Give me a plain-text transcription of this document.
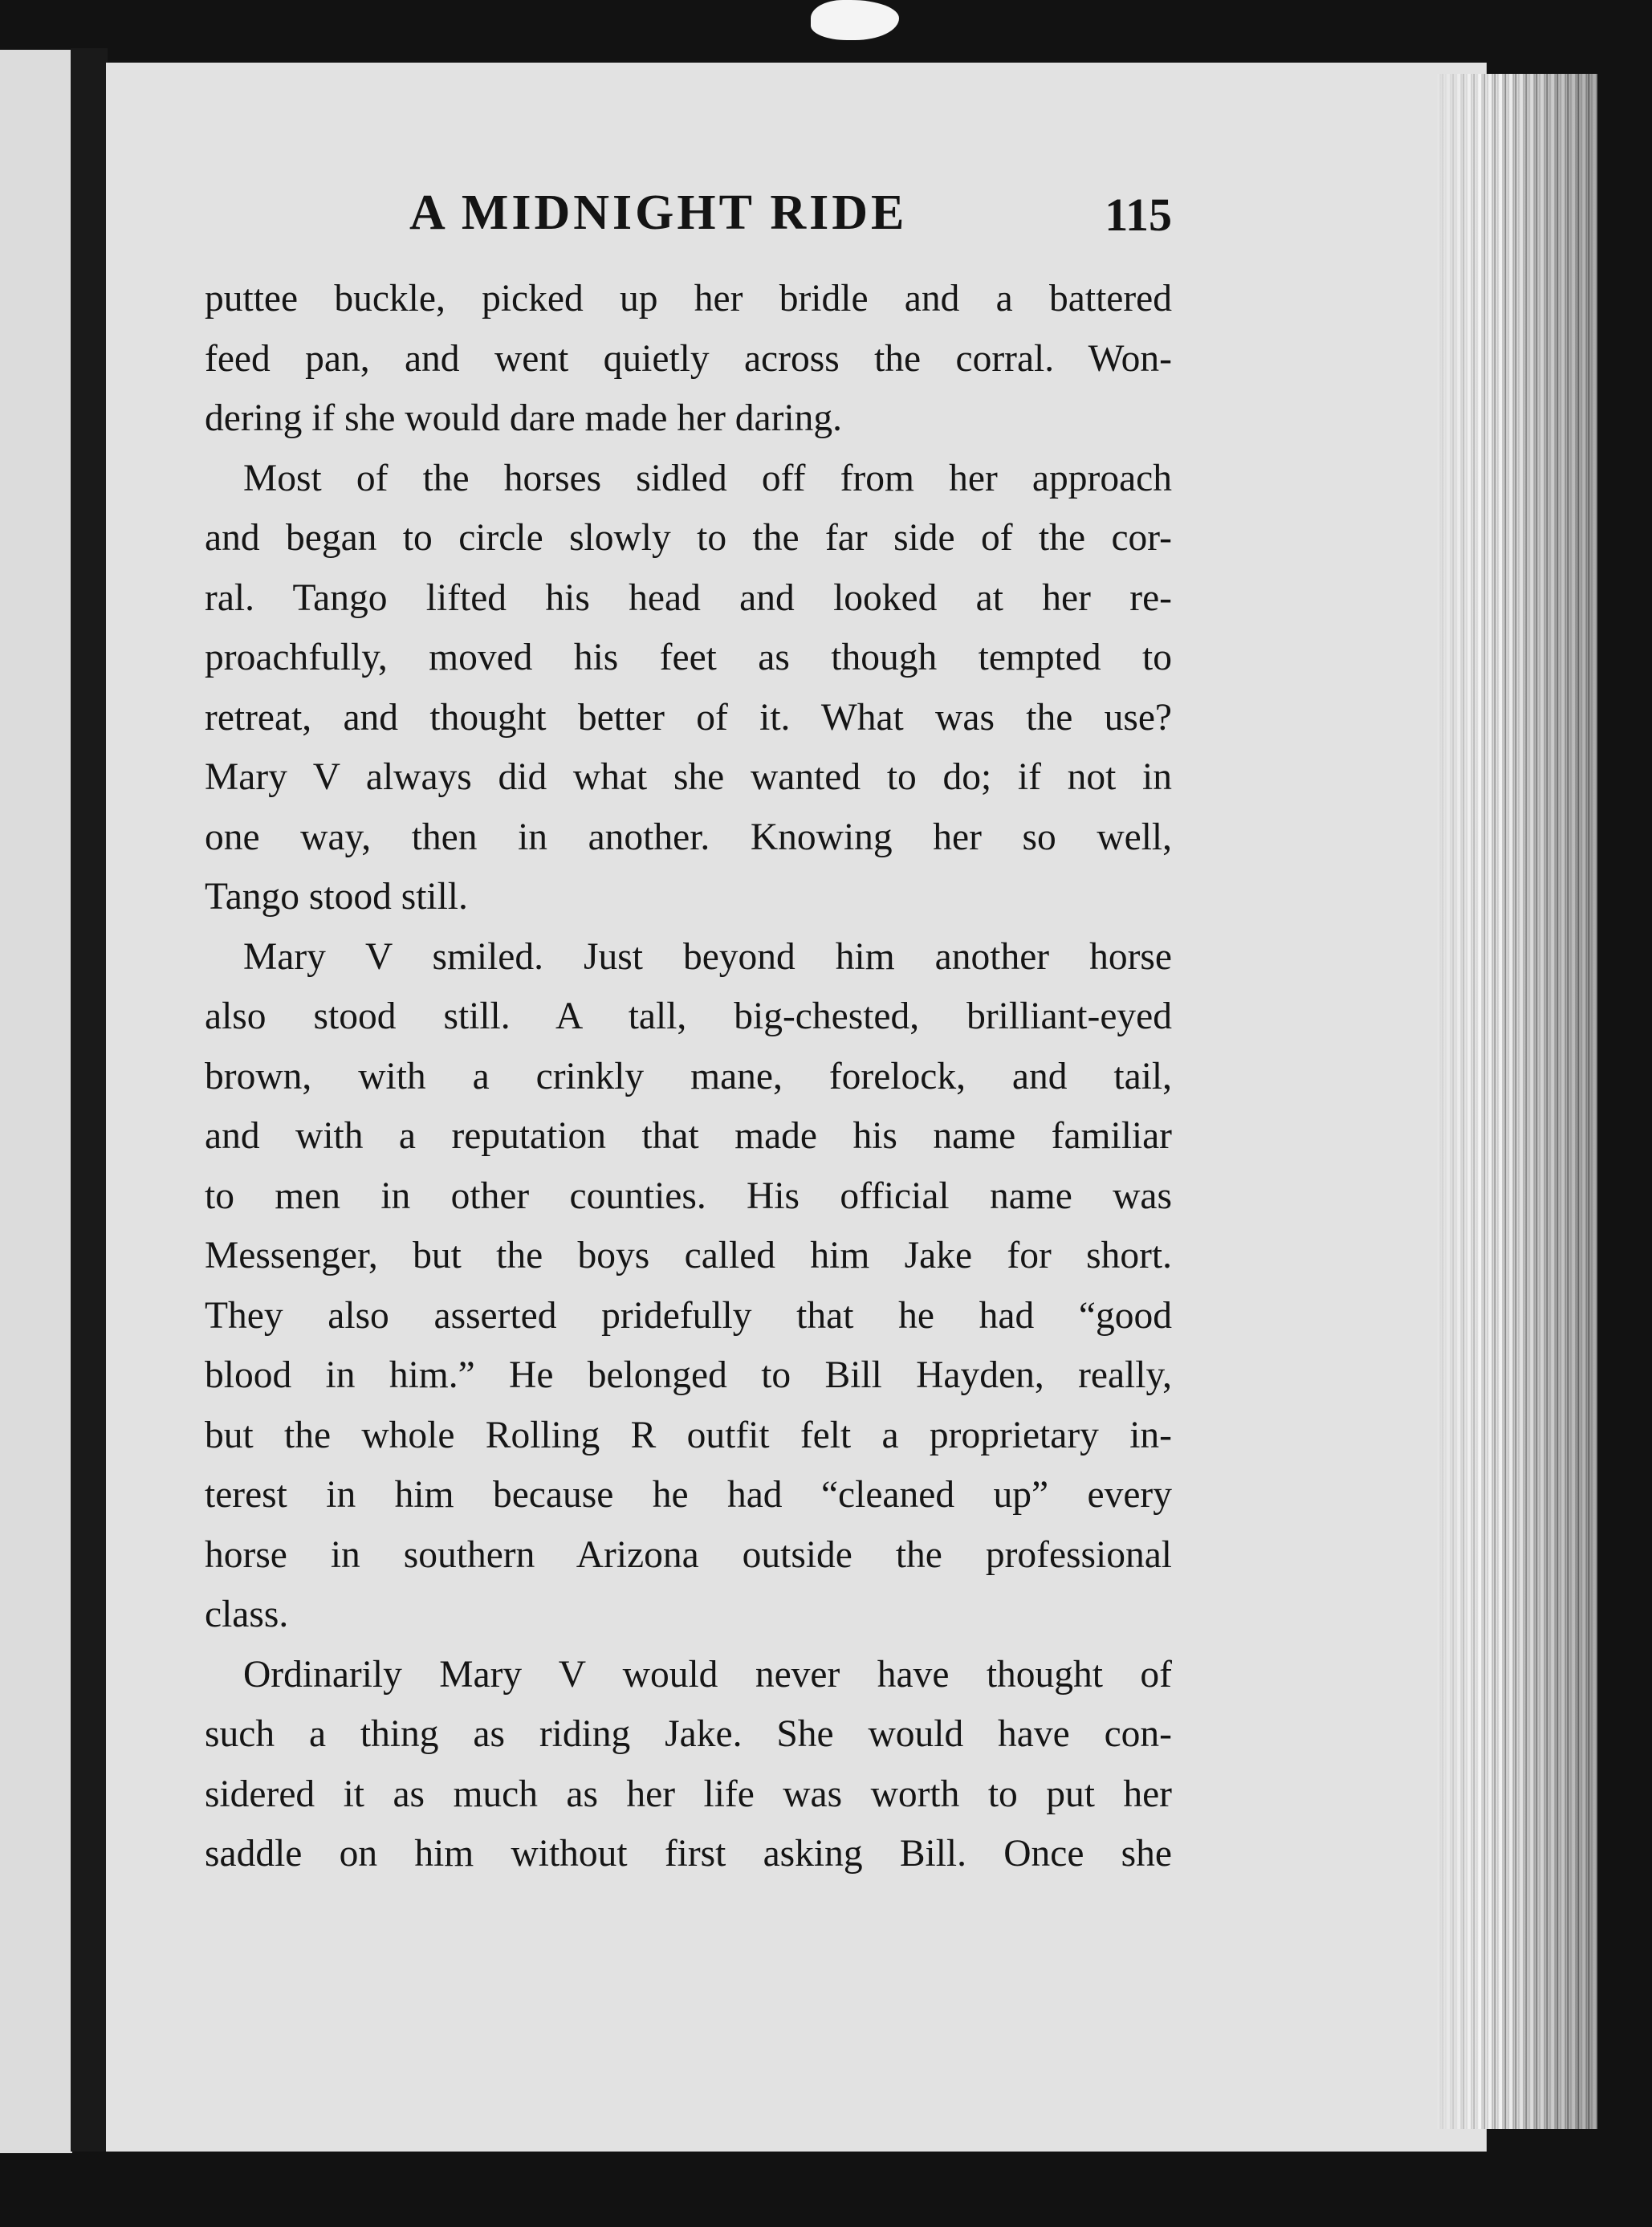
A MIDNIGHT RIDE	115
puttee buckle, picked up her bridle and a battered
feed pan, and went quietly across the corral. Won-
dering if she would dare made her daring.
Most of the horses sidled off from her approach
and began to circle slowly to the far side of the cor-
ral. Tango lifted his head and looked at her re-
proachfully, moved his feet as though tempted to
retreat, and thought better of it. What was the use?
Mary V always did what she wanted to do; if not in
one way, then in another. Knowing her so well,
Tango stood still.
Mary V smiled. Just beyond him another horse
also stood still. A tall, big-chested, brilliant-eyed
brown, with a crinkly mane, forelock, and tail,
and with a reputation that made his name familiar
to men in other counties. His official name was
Messenger, but the boys called him Jake for short.
They also asserted pridefully that he had “good
blood in him.” He belonged to Bill Hayden, really,
but the whole Rolling R outfit felt a proprietary in-
terest in him because he had “cleaned up” every
horse in southern Arizona outside the professional
class.
Ordinarily Mary V would never have thought of
such a thing as riding Jake. She would have con-
sidered it as much as her life was worth to put her
saddle on him without first asking Bill. Once she
